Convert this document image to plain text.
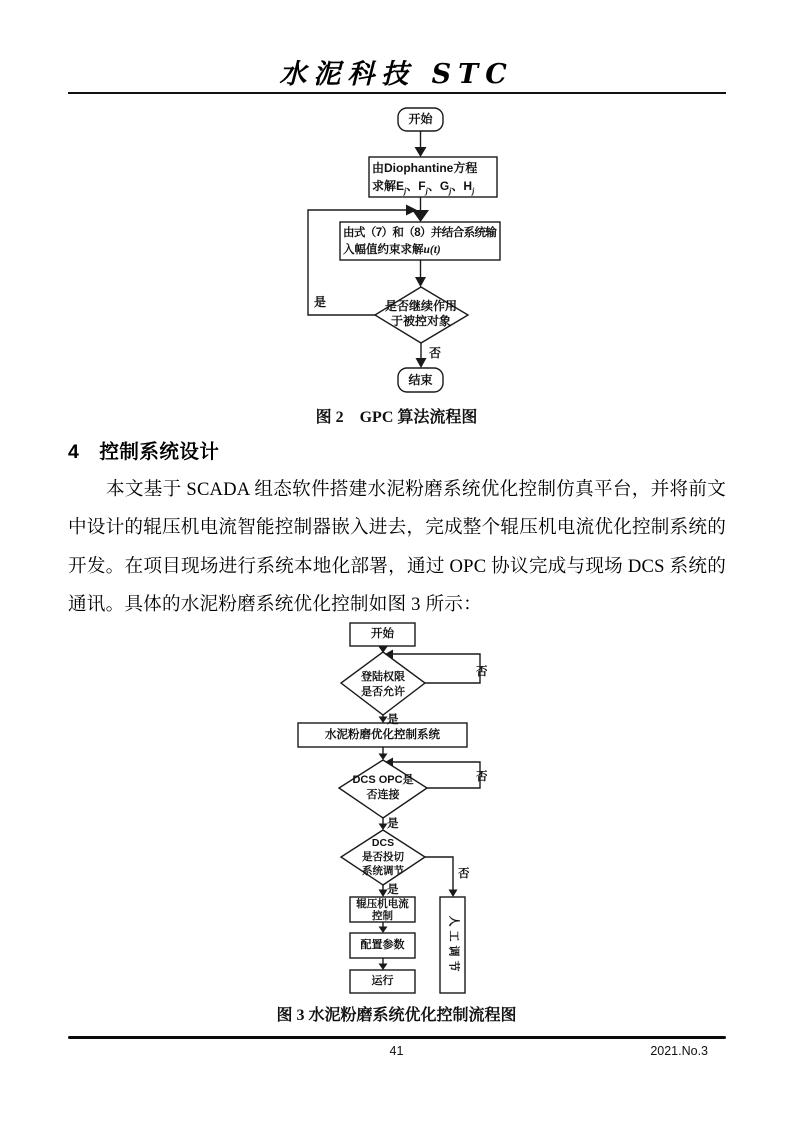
水泥科技 STC
开始
由Diophantine方程
求解$E_j$、$F_j$、$G_j$、$H_j$
由式（7）和（8）并结合系统输
入幅值约束求解u(t)
是否继续作用
于被控对象
是
否
结束
图 2　GPC 算法流程图
4　控制系统设计
本文基于 SCADA 组态软件搭建水泥粉磨系统优化控制仿真平台，并将前文
中设计的辊压机电流智能控制器嵌入进去，完成整个辊压机电流优化控制系统的
开发。在项目现场进行系统本地化部署，通过 OPC 协议完成与现场 DCS 系统的
通讯。具体的水泥粉磨系统优化控制如图 3 所示：
开始
登陆权限
是否允许
否
是
水泥粉磨优化控制系统
DCS OPC是
否连接
否
是
DCS
是否投切
系统调节	否
是
辊压机电流
控制
配置参数
运行
人工调节
图 3 水泥粉磨系统优化控制流程图
41	2021.No.3
